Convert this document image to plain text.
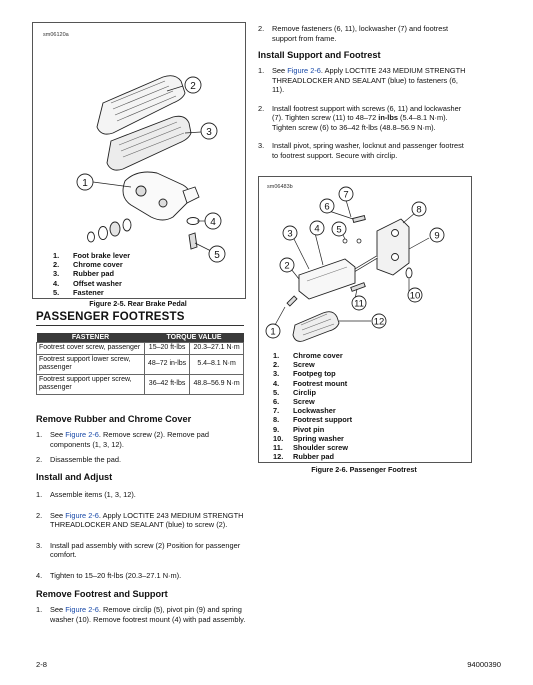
sm06120a
2
3
1
4
5
1.	Foot brake lever
2.	Chrome cover
3.	Rubber pad
4.	Offset washer
5.	Fastener
Figure 2-5. Rear Brake Pedal
PASSENGER FOOTRESTS
FASTENER	TORQUE VALUE	
Footrest cover screw, passenger	15–20 ft-lbs	20.3–27.1 N·m
Footrest support lower screw, passenger	48–72 in-lbs	5.4–8.1 N·m
Footrest support upper screw, passenger	36–42 ft-lbs	48.8–56.9 N·m
Remove Rubber and Chrome Cover
1.	See Figure 2-6. Remove screw (2). Remove pad components (1, 3, 12).
2.	Disassemble the pad.
Install and Adjust
1.	Assemble items (1, 3, 12).
2.	See Figure 2-6. Apply LOCTITE 243 MEDIUM STRENGTH THREADLOCKER AND SEALANT (blue) to screw (2).
3.	Install pad assembly with screw (2) Position for passenger comfort.
4.	Tighten to 15–20 ft-lbs (20.3–27.1 N·m).
Remove Footrest and Support
1.	See Figure 2-6. Remove circlip (5), pivot pin (9) and spring washer (10). Remove footrest mount (4) with pad assembly.
2.	Remove fasteners (6, 11), lockwasher (7) and footrest support from frame.
Install Support and Footrest
1.	See Figure 2-6. Apply LOCTITE 243 MEDIUM STRENGTH THREADLOCKER AND SEALANT (blue) to fasteners (6, 11).
2.	Install footrest support with screws (6, 11) and lockwasher (7). Tighten screw (11) to 48–72 in-lbs (5.4–8.1 N·m). Tighten screw (6) to 36–42 ft-lbs (48.8–56.9 N·m).
3.	Install pivot, spring washer, locknut and passenger footrest to footrest support. Secure with circlip.
sm06483b
7
6	8
9
3 4 5
2
10
11
1
12
1.	Chrome cover
2.	Screw
3.	Footpeg top
4.	Footrest mount
5.	Circlip
6.	Screw
7.	Lockwasher
8.	Footrest support
9.	Pivot pin
10.	Spring washer
11.	Shoulder screw
12.	Rubber pad
Figure 2-6. Passenger Footrest
2-8	94000390
